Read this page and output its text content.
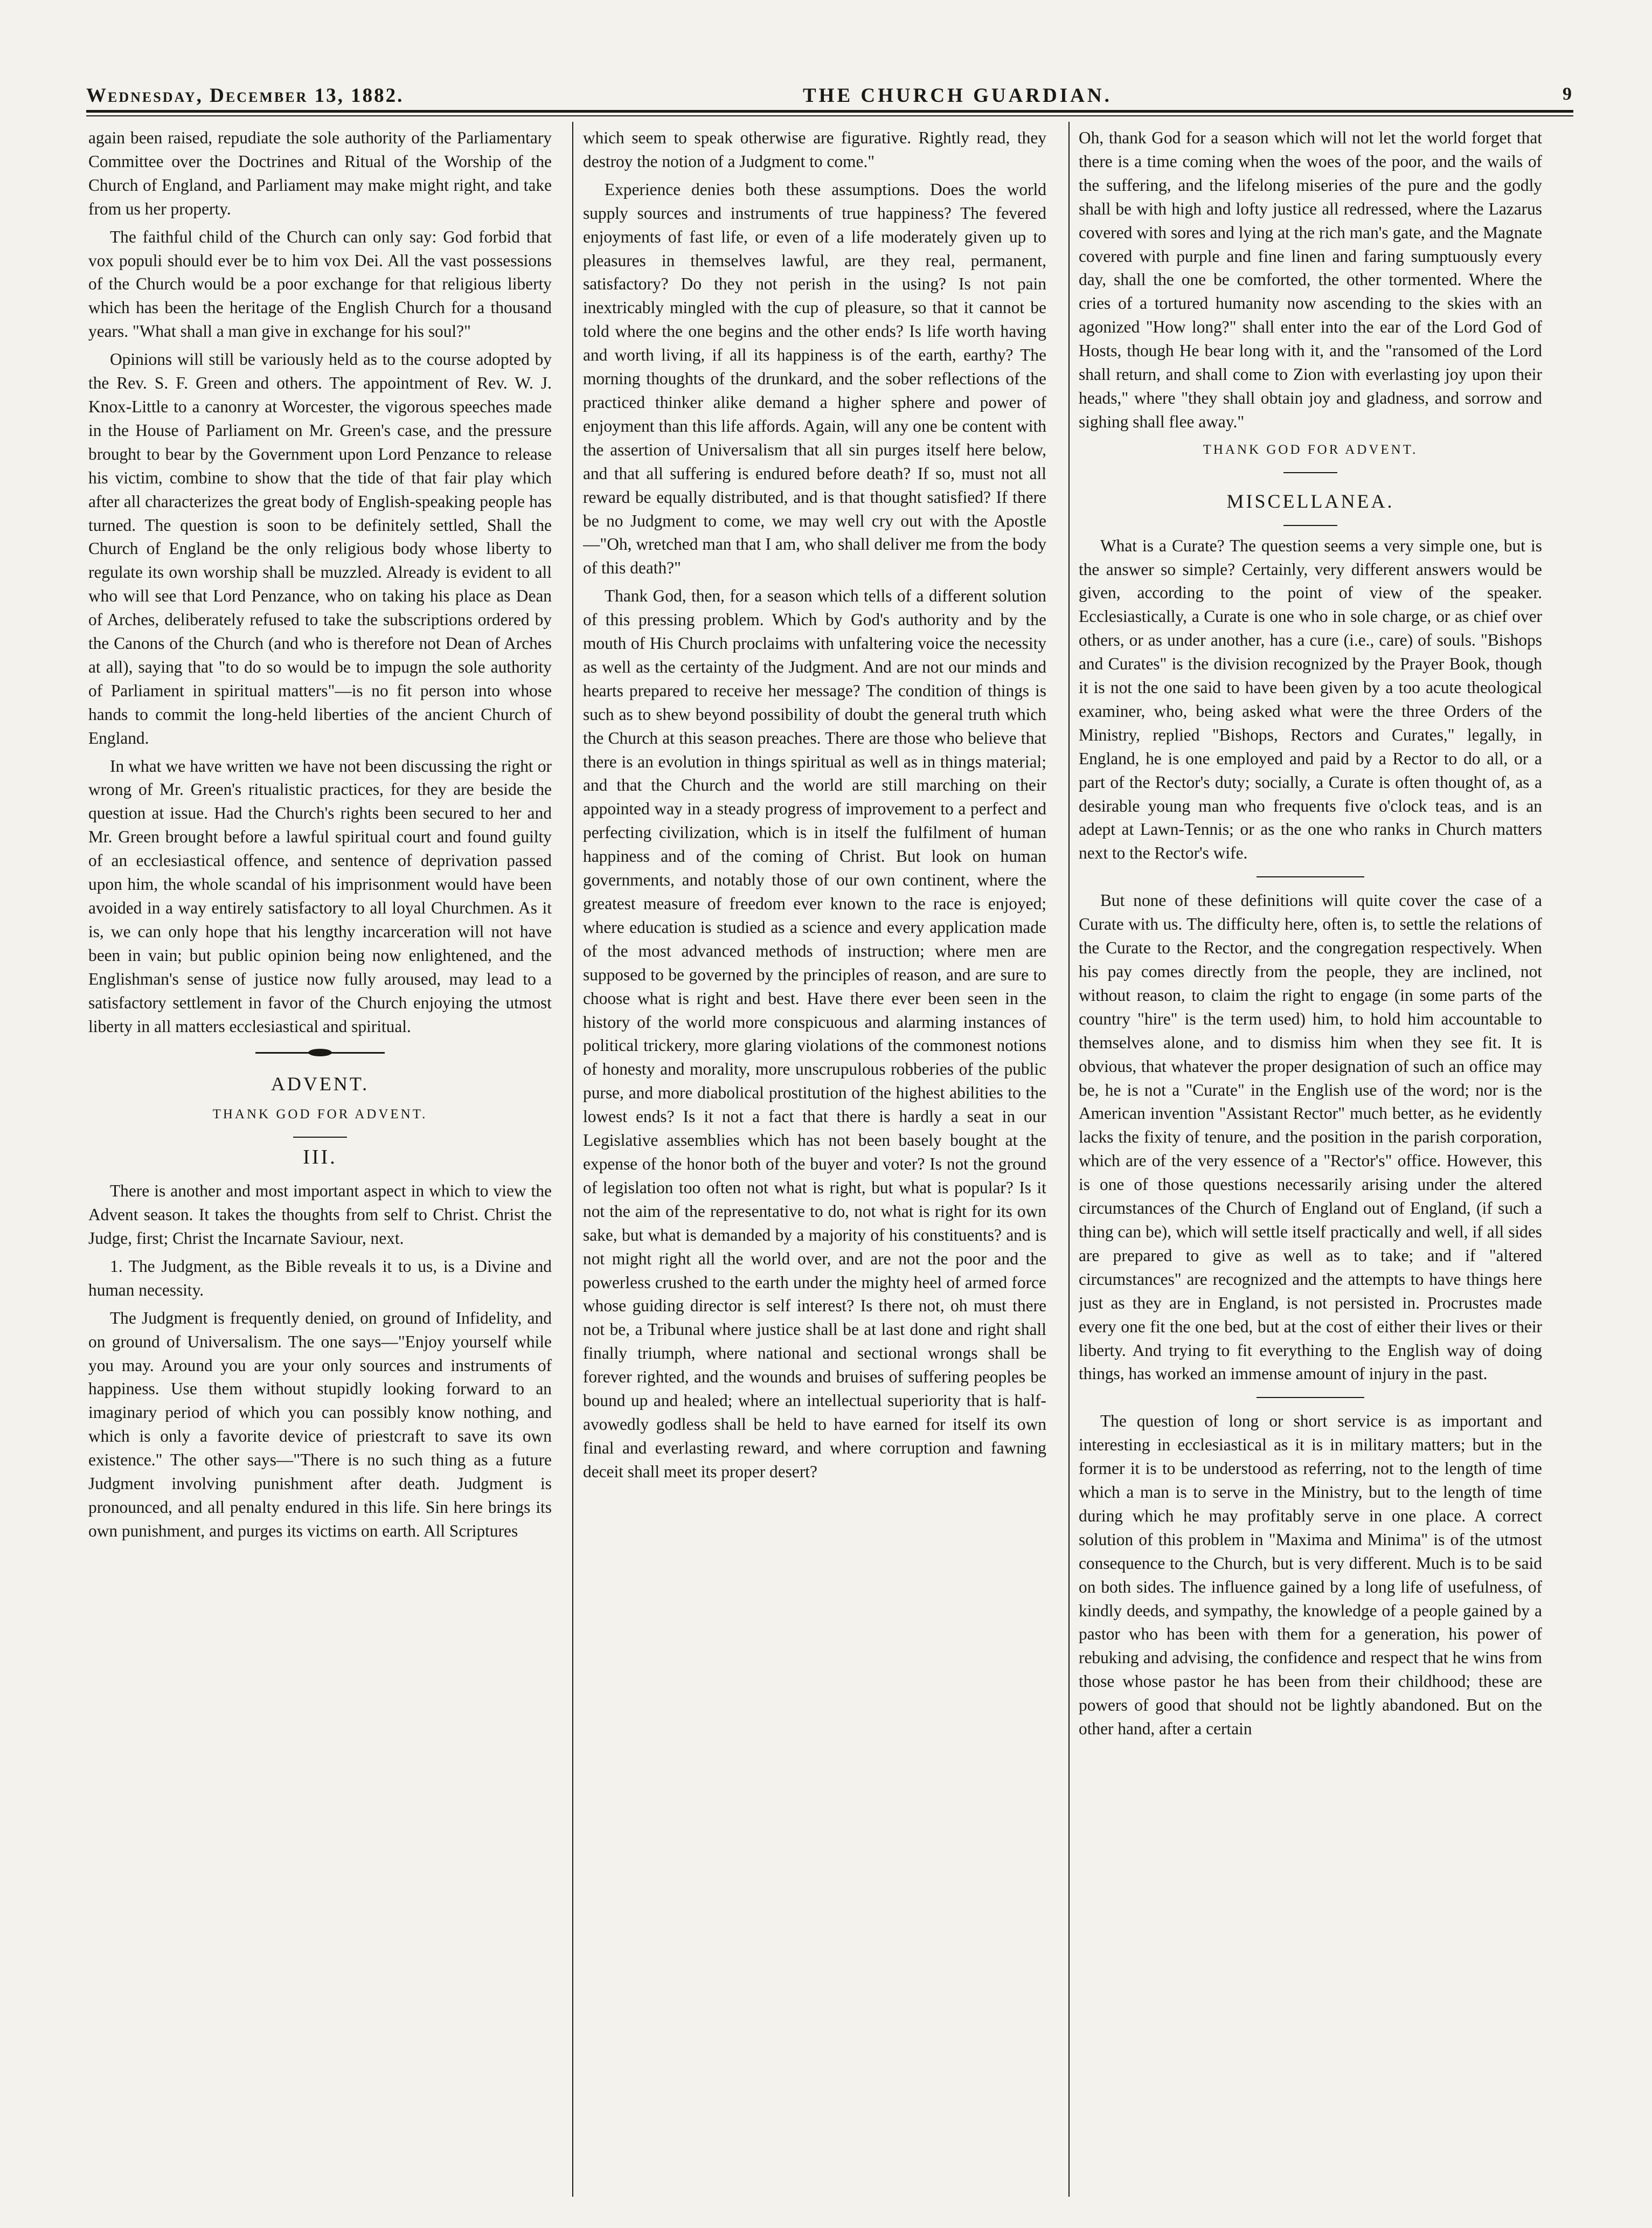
Wednesday, December 13, 1882.	THE CHURCH GUARDIAN.	9

again been raised, repudiate the sole authority of the Parliamentary Committee over the Doctrines and Ritual of the Worship of the Church of England, and Parliament may make might right, and take from us her property.

The faithful child of the Church can only say: God forbid that vox populi should ever be to him vox Dei. All the vast possessions of the Church would be a poor exchange for that religious liberty which has been the heritage of the English Church for a thousand years. "What shall a man give in exchange for his soul?"

Opinions will still be variously held as to the course adopted by the Rev. S. F. Green and others. The appointment of Rev. W. J. Knox-Little to a canonry at Worcester, the vigorous speeches made in the House of Parliament on Mr. Green's case, and the pressure brought to bear by the Government upon Lord Penzance to release his victim, combine to show that the tide of that fair play which after all characterizes the great body of English-speaking people has turned. The question is soon to be definitely settled, Shall the Church of England be the only religious body whose liberty to regulate its own worship shall be muzzled. Already is evident to all who will see that Lord Penzance, who on taking his place as Dean of Arches, deliberately refused to take the subscriptions ordered by the Canons of the Church (and who is therefore not Dean of Arches at all), saying that "to do so would be to impugn the sole authority of Parliament in spiritual matters"—is no fit person into whose hands to commit the long-held liberties of the ancient Church of England.

In what we have written we have not been discussing the right or wrong of Mr. Green's ritualistic practices, for they are beside the question at issue. Had the Church's rights been secured to her and Mr. Green brought before a lawful spiritual court and found guilty of an ecclesiastical offence, and sentence of deprivation passed upon him, the whole scandal of his imprisonment would have been avoided in a way entirely satisfactory to all loyal Churchmen. As it is, we can only hope that his lengthy incarceration will not have been in vain; but public opinion being now enlightened, and the Englishman's sense of justice now fully aroused, may lead to a satisfactory settlement in favor of the Church enjoying the utmost liberty in all matters ecclesiastical and spiritual.

ADVENT.
THANK GOD FOR ADVENT.
III.

There is another and most important aspect in which to view the Advent season. It takes the thoughts from self to Christ. Christ the Judge, first; Christ the Incarnate Saviour, next.

1. The Judgment, as the Bible reveals it to us, is a Divine and human necessity.

The Judgment is frequently denied, on ground of Infidelity, and on ground of Universalism. The one says—"Enjoy yourself while you may. Around you are your only sources and instruments of happiness. Use them without stupidly looking forward to an imaginary period of which you can possibly know nothing, and which is only a favorite device of priestcraft to save its own existence." The other says—"There is no such thing as a future Judgment involving punishment after death. Judgment is pronounced, and all penalty endured in this life. Sin here brings its own punishment, and purges its victims on earth. All Scriptures

which seem to speak otherwise are figurative. Rightly read, they destroy the notion of a Judgment to come."

Experience denies both these assumptions. Does the world supply sources and instruments of true happiness? The fevered enjoyments of fast life, or even of a life moderately given up to pleasures in themselves lawful, are they real, permanent, satisfactory? Do they not perish in the using? Is not pain inextricably mingled with the cup of pleasure, so that it cannot be told where the one begins and the other ends? Is life worth having and worth living, if all its happiness is of the earth, earthy? The morning thoughts of the drunkard, and the sober reflections of the practiced thinker alike demand a higher sphere and power of enjoyment than this life affords. Again, will any one be content with the assertion of Universalism that all sin purges itself here below, and that all suffering is endured before death? If so, must not all reward be equally distributed, and is that thought satisfied? If there be no Judgment to come, we may well cry out with the Apostle—"Oh, wretched man that I am, who shall deliver me from the body of this death?"

Thank God, then, for a season which tells of a different solution of this pressing problem. Which by God's authority and by the mouth of His Church proclaims with unfaltering voice the necessity as well as the certainty of the Judgment. And are not our minds and hearts prepared to receive her message? The condition of things is such as to shew beyond possibility of doubt the general truth which the Church at this season preaches. There are those who believe that there is an evolution in things spiritual as well as in things material; and that the Church and the world are still marching on their appointed way in a steady progress of improvement to a perfect and perfecting civilization, which is in itself the fulfilment of human happiness and of the coming of Christ. But look on human governments, and notably those of our own continent, where the greatest measure of freedom ever known to the race is enjoyed; where education is studied as a science and every application made of the most advanced methods of instruction; where men are supposed to be governed by the principles of reason, and are sure to choose what is right and best. Have there ever been seen in the history of the world more conspicuous and alarming instances of political trickery, more glaring violations of the commonest notions of honesty and morality, more unscrupulous robberies of the public purse, and more diabolical prostitution of the highest abilities to the lowest ends? Is it not a fact that there is hardly a seat in our Legislative assemblies which has not been basely bought at the expense of the honor both of the buyer and voter? Is not the ground of legislation too often not what is right, but what is popular? Is it not the aim of the representative to do, not what is right for its own sake, but what is demanded by a majority of his constituents? and is not might right all the world over, and are not the poor and the powerless crushed to the earth under the mighty heel of armed force whose guiding director is self interest? Is there not, oh must there not be, a Tribunal where justice shall be at last done and right shall finally triumph, where national and sectional wrongs shall be forever righted, and the wounds and bruises of suffering peoples be bound up and healed; where an intellectual superiority that is half-avowedly godless shall be held to have earned for itself its own final and everlasting reward, and where corruption and fawning deceit shall meet its proper desert?

Oh, thank God for a season which will not let the world forget that there is a time coming when the woes of the poor, and the wails of the suffering, and the lifelong miseries of the pure and the godly shall be with high and lofty justice all redressed, where the Lazarus covered with sores and lying at the rich man's gate, and the Magnate covered with purple and fine linen and faring sumptuously every day, shall the one be comforted, the other tormented. Where the cries of a tortured humanity now ascending to the skies with an agonized "How long?" shall enter into the ear of the Lord God of Hosts, though He bear long with it, and the "ransomed of the Lord shall return, and shall come to Zion with everlasting joy upon their heads," where "they shall obtain joy and gladness, and sorrow and sighing shall flee away."

THANK GOD FOR ADVENT.
MISCELLANEA.

What is a Curate? The question seems a very simple one, but is the answer so simple? Certainly, very different answers would be given, according to the point of view of the speaker. Ecclesiastically, a Curate is one who in sole charge, or as chief over others, or as under another, has a cure (i.e., care) of souls. "Bishops and Curates" is the division recognized by the Prayer Book, though it is not the one said to have been given by a too acute theological examiner, who, being asked what were the three Orders of the Ministry, replied "Bishops, Rectors and Curates," legally, in England, he is one employed and paid by a Rector to do all, or a part of the Rector's duty; socially, a Curate is often thought of, as a desirable young man who frequents five o'clock teas, and is an adept at Lawn-Tennis; or as the one who ranks in Church matters next to the Rector's wife.

But none of these definitions will quite cover the case of a Curate with us. The difficulty here, often is, to settle the relations of the Curate to the Rector, and the congregation respectively. When his pay comes directly from the people, they are inclined, not without reason, to claim the right to engage (in some parts of the country "hire" is the term used) him, to hold him accountable to themselves alone, and to dismiss him when they see fit. It is obvious, that whatever the proper designation of such an office may be, he is not a "Curate" in the English use of the word; nor is the American invention "Assistant Rector" much better, as he evidently lacks the fixity of tenure, and the position in the parish corporation, which are of the very essence of a "Rector's" office. However, this is one of those questions necessarily arising under the altered circumstances of the Church of England out of England, (if such a thing can be), which will settle itself practically and well, if all sides are prepared to give as well as to take; and if "altered circumstances" are recognized and the attempts to have things here just as they are in England, is not persisted in. Procrustes made every one fit the one bed, but at the cost of either their lives or their liberty. And trying to fit everything to the English way of doing things, has worked an immense amount of injury in the past.

The question of long or short service is as important and interesting in ecclesiastical as it is in military matters; but in the former it is to be understood as referring, not to the length of time which a man is to serve in the Ministry, but to the length of time during which he may profitably serve in one place. A correct solution of this problem in "Maxima and Minima" is of the utmost consequence to the Church, but is very different. Much is to be said on both sides. The influence gained by a long life of usefulness, of kindly deeds, and sympathy, the knowledge of a people gained by a pastor who has been with them for a generation, his power of rebuking and advising, the confidence and respect that he wins from those whose pastor he has been from their childhood; these are powers of good that should not be lightly abandoned. But on the other hand, after a certain
